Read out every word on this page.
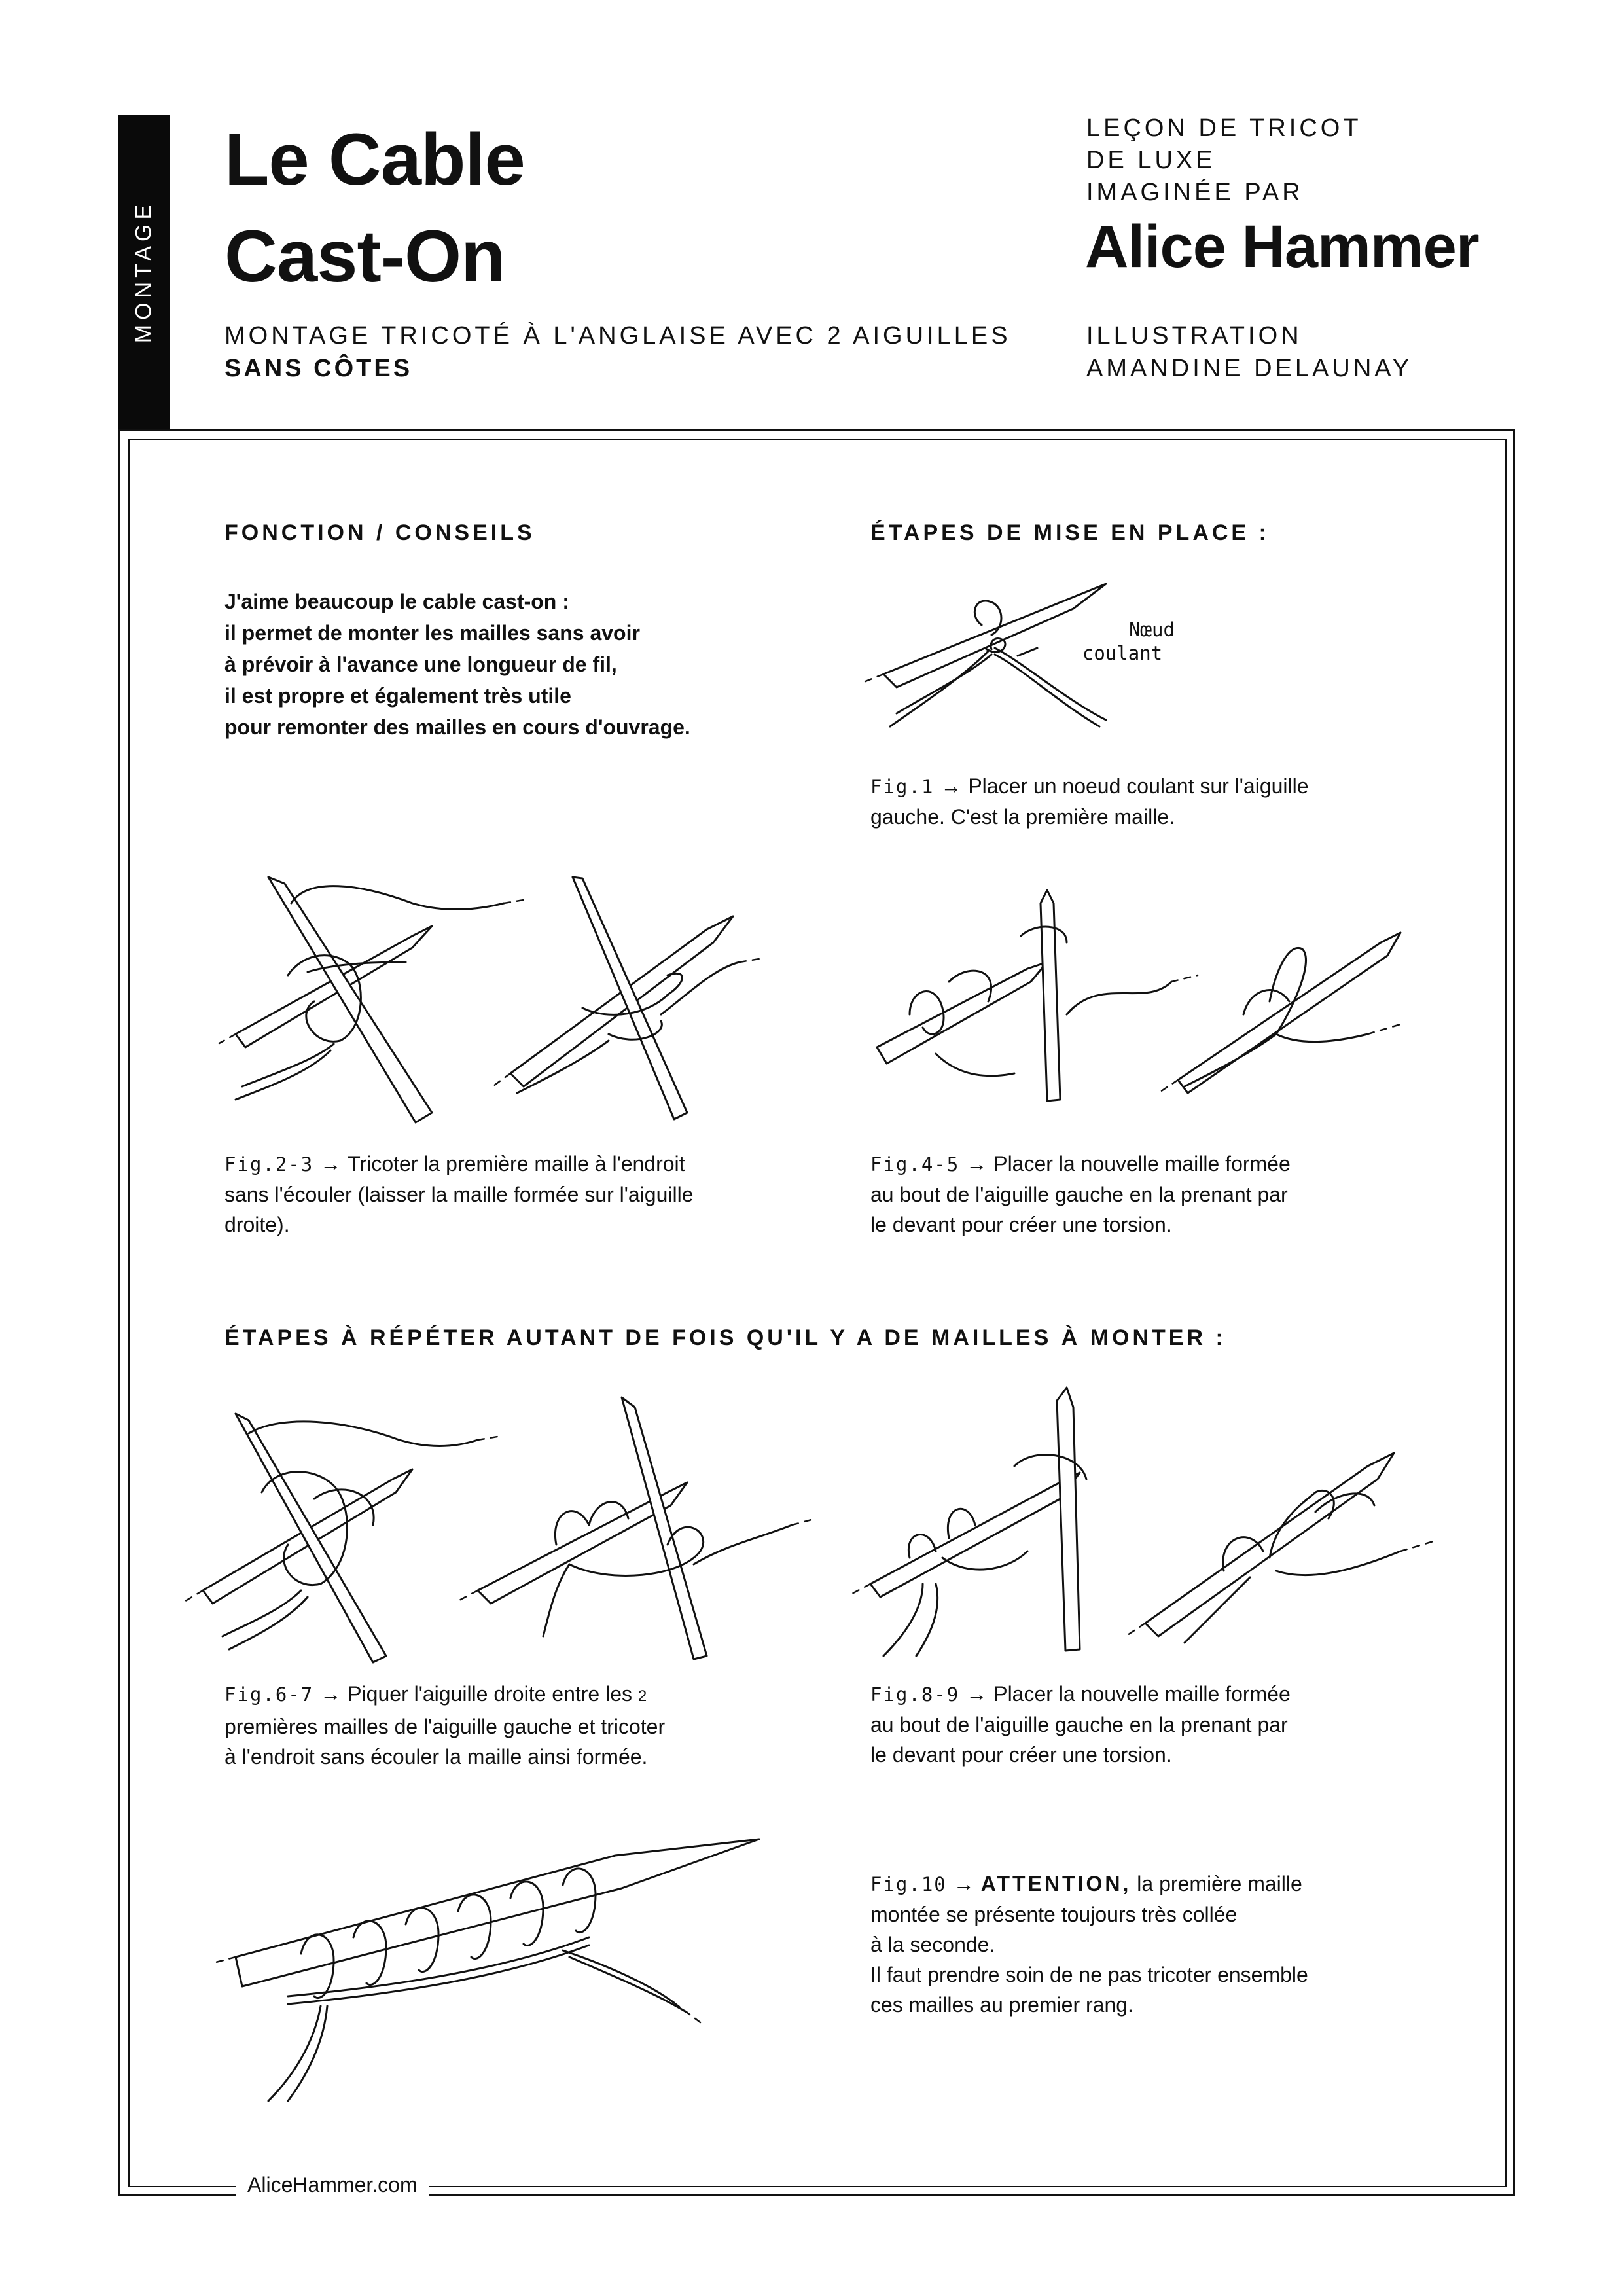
MONTAGE
Le Cable
Cast-On
MONTAGE TRICOTÉ À L'ANGLAISE AVEC 2 AIGUILLES
SANS CÔTES
LEÇON DE TRICOT
DE LUXE
IMAGINÉE PAR
Alice Hammer
ILLUSTRATION
AMANDINE DELAUNAY
FONCTION / CONSEILS	ÉTAPES DE MISE EN PLACE :
J'aime beaucoup le cable cast-on :
il permet de monter les mailles sans avoir
à prévoir à l'avance une longueur de fil,
il est propre et également très utile
pour remonter des mailles en cours d'ouvrage.
Nœud
coulant
Fig.1 → Placer un noeud coulant sur l'aiguille
gauche. C'est la première maille.
Fig.2-3 → Tricoter la première maille à l'endroit
sans l'écouler (laisser la maille formée sur l'aiguille
droite).
Fig.4-5 → Placer la nouvelle maille formée
au bout de l'aiguille gauche en la prenant par
le devant pour créer une torsion.
ÉTAPES À RÉPÉTER AUTANT DE FOIS QU'IL Y A DE MAILLES À MONTER :
Fig.6-7 → Piquer l'aiguille droite entre les 2
premières mailles de l'aiguille gauche et tricoter
à l'endroit sans écouler la maille ainsi formée.
Fig.8-9 → Placer la nouvelle maille formée
au bout de l'aiguille gauche en la prenant par
le devant pour créer une torsion.
Fig.10 → ATTENTION, la première maille
montée se présente toujours très collée
à la seconde.
Il faut prendre soin de ne pas tricoter ensemble
ces mailles au premier rang.
AliceHammer.com
